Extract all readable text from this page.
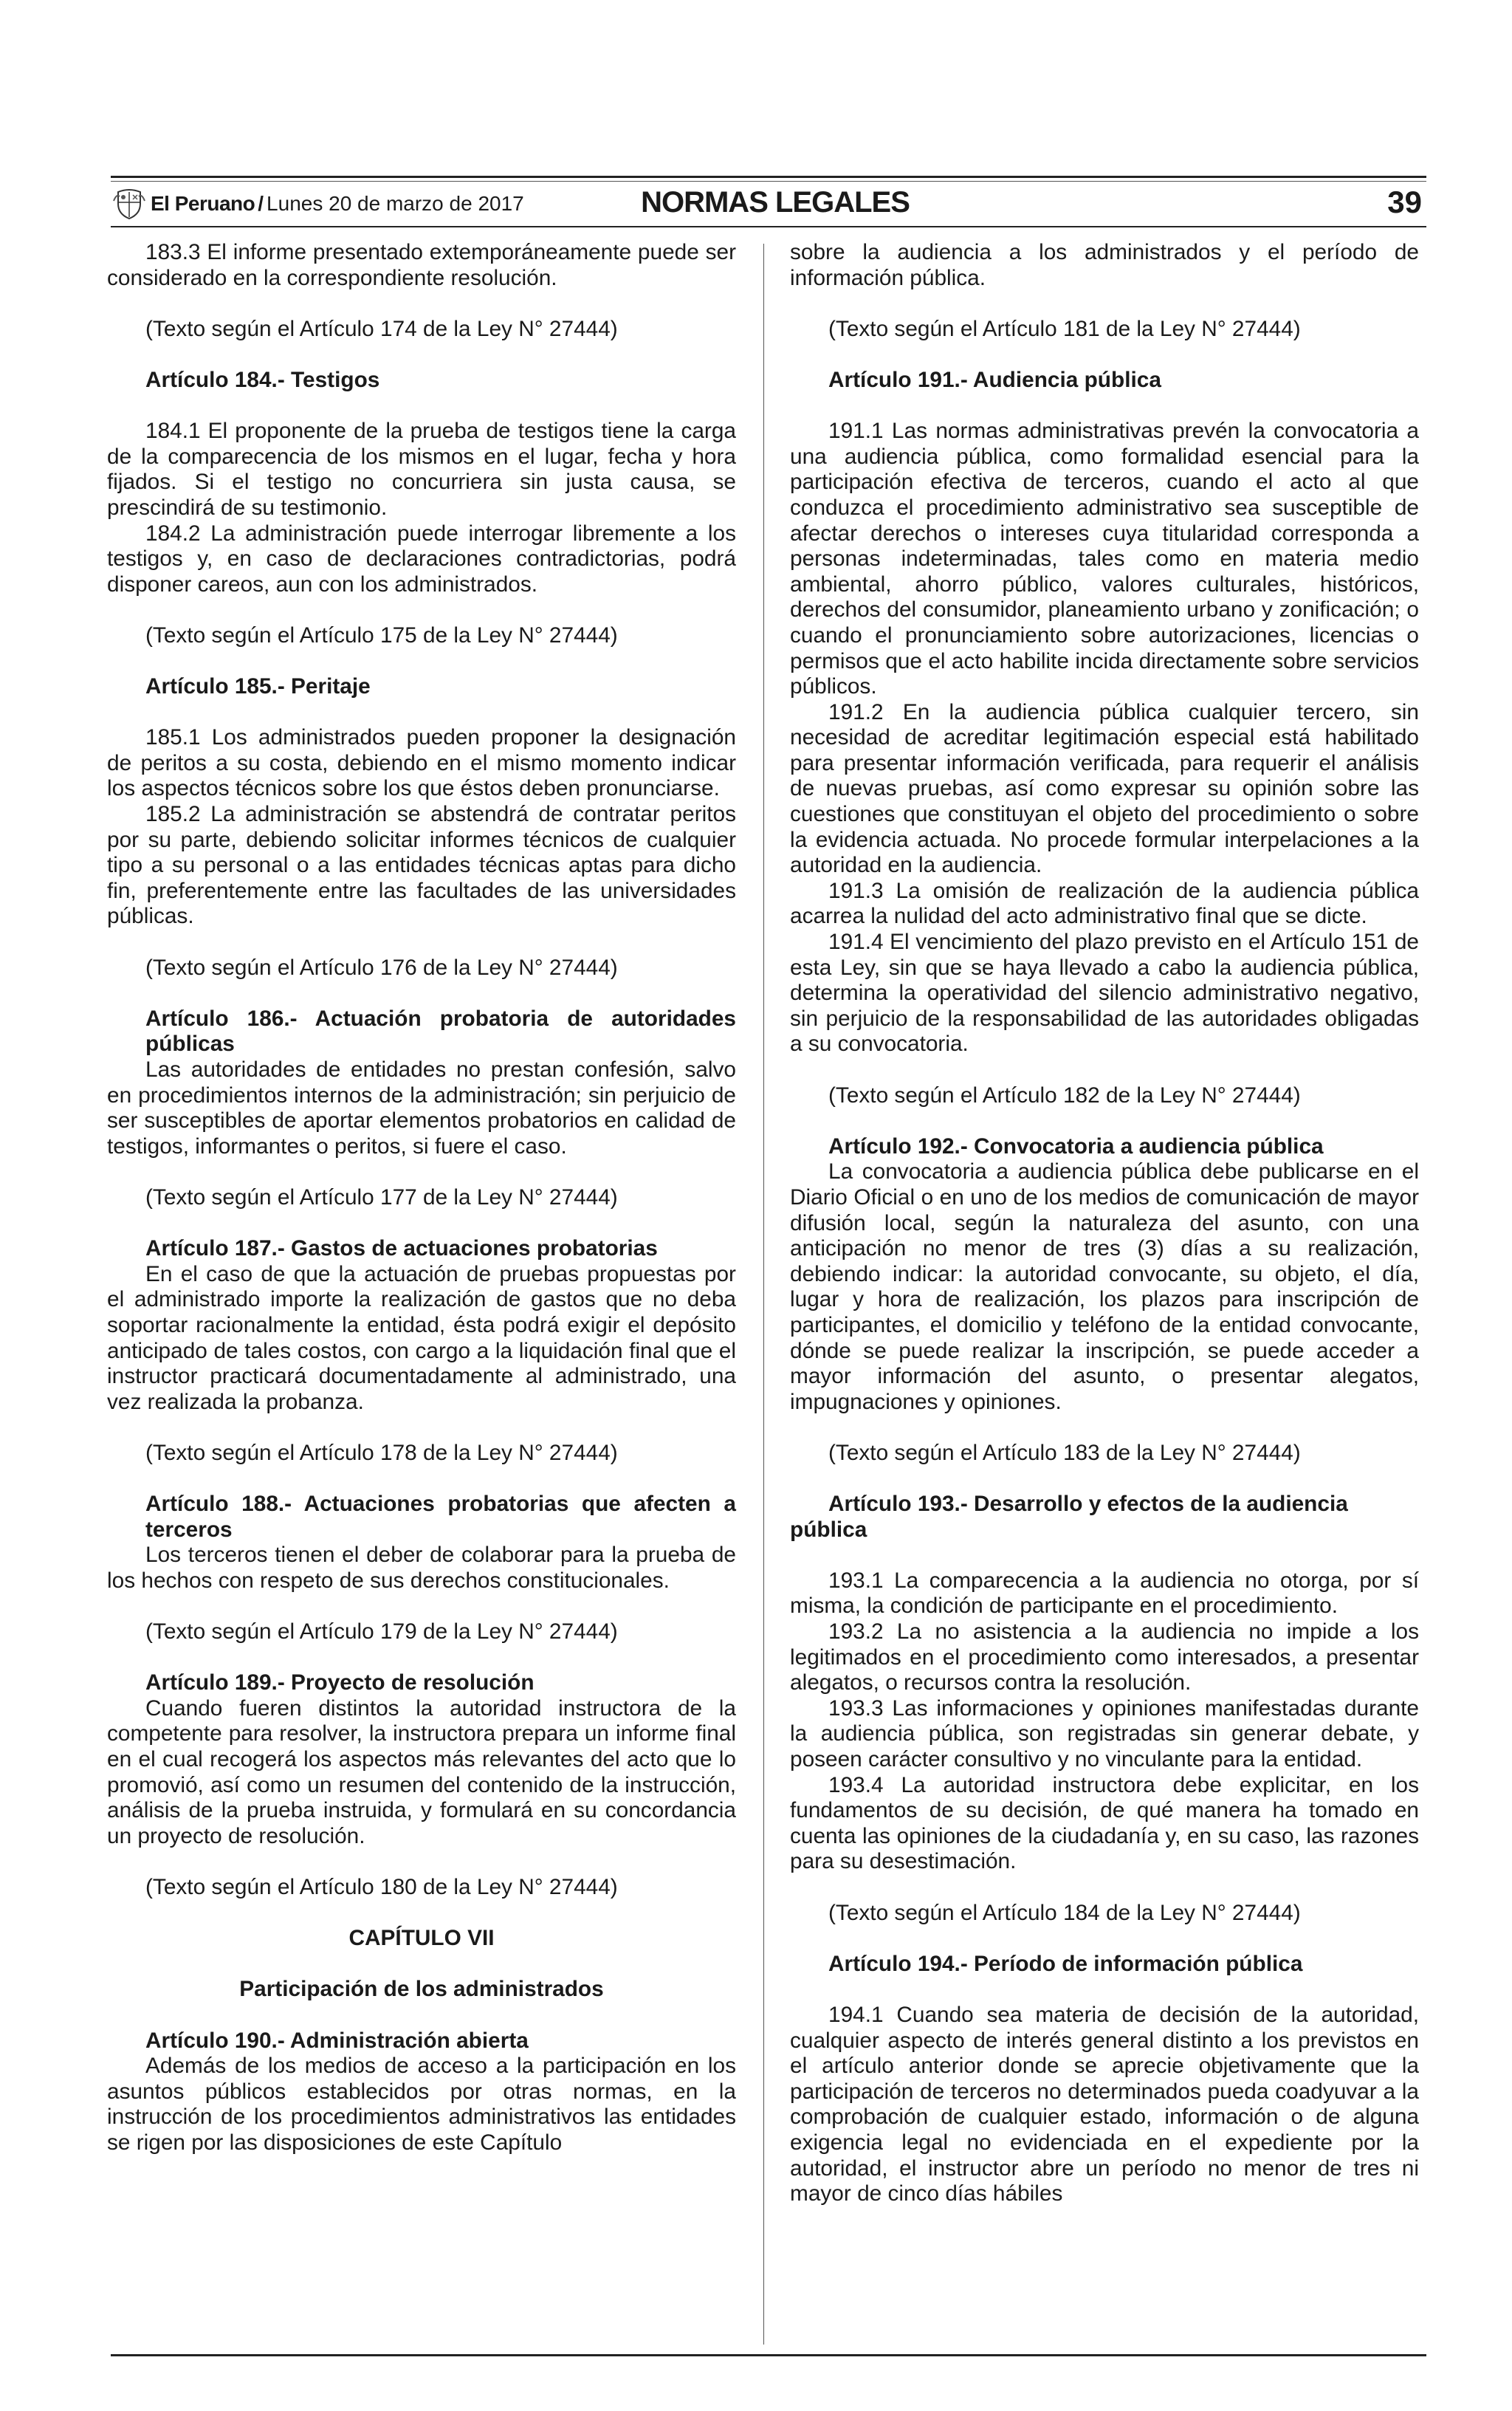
El Peruano / Lunes 20 de marzo de 2017	NORMAS LEGALES	39

183.3 El informe presentado extemporáneamente puede ser considerado en la correspondiente resolución.

(Texto según el Artículo 174 de la Ley N° 27444)

Artículo 184.- Testigos

184.1 El proponente de la prueba de testigos tiene la carga de la comparecencia de los mismos en el lugar, fecha y hora fijados. Si el testigo no concurriera sin justa causa, se prescindirá de su testimonio.

184.2 La administración puede interrogar libremente a los testigos y, en caso de declaraciones contradictorias, podrá disponer careos, aun con los administrados.

(Texto según el Artículo 175 de la Ley N° 27444)

Artículo 185.- Peritaje

185.1 Los administrados pueden proponer la designación de peritos a su costa, debiendo en el mismo momento indicar los aspectos técnicos sobre los que éstos deben pronunciarse.

185.2 La administración se abstendrá de contratar peritos por su parte, debiendo solicitar informes técnicos de cualquier tipo a su personal o a las entidades técnicas aptas para dicho fin, preferentemente entre las facultades de las universidades públicas.

(Texto según el Artículo 176 de la Ley N° 27444)

Artículo 186.- Actuación probatoria de autoridades públicas

Las autoridades de entidades no prestan confesión, salvo en procedimientos internos de la administración; sin perjuicio de ser susceptibles de aportar elementos probatorios en calidad de testigos, informantes o peritos, si fuere el caso.

(Texto según el Artículo 177 de la Ley N° 27444)

Artículo 187.- Gastos de actuaciones probatorias

En el caso de que la actuación de pruebas propuestas por el administrado importe la realización de gastos que no deba soportar racionalmente la entidad, ésta podrá exigir el depósito anticipado de tales costos, con cargo a la liquidación final que el instructor practicará documentadamente al administrado, una vez realizada la probanza.

(Texto según el Artículo 178 de la Ley N° 27444)

Artículo 188.- Actuaciones probatorias que afecten a terceros

Los terceros tienen el deber de colaborar para la prueba de los hechos con respeto de sus derechos constitucionales.

(Texto según el Artículo 179 de la Ley N° 27444)

Artículo 189.- Proyecto de resolución

Cuando fueren distintos la autoridad instructora de la competente para resolver, la instructora prepara un informe final en el cual recogerá los aspectos más relevantes del acto que lo promovió, así como un resumen del contenido de la instrucción, análisis de la prueba instruida, y formulará en su concordancia un proyecto de resolución.

(Texto según el Artículo 180 de la Ley N° 27444)

CAPÍTULO VII

Participación de los administrados

Artículo 190.- Administración abierta

Además de los medios de acceso a la participación en los asuntos públicos establecidos por otras normas, en la instrucción de los procedimientos administrativos las entidades se rigen por las disposiciones de este Capítulo

sobre la audiencia a los administrados y el período de información pública.

(Texto según el Artículo 181 de la Ley N° 27444)

Artículo 191.- Audiencia pública

191.1 Las normas administrativas prevén la convocatoria a una audiencia pública, como formalidad esencial para la participación efectiva de terceros, cuando el acto al que conduzca el procedimiento administrativo sea susceptible de afectar derechos o intereses cuya titularidad corresponda a personas indeterminadas, tales como en materia medio ambiental, ahorro público, valores culturales, históricos, derechos del consumidor, planeamiento urbano y zonificación; o cuando el pronunciamiento sobre autorizaciones, licencias o permisos que el acto habilite incida directamente sobre servicios públicos.

191.2 En la audiencia pública cualquier tercero, sin necesidad de acreditar legitimación especial está habilitado para presentar información verificada, para requerir el análisis de nuevas pruebas, así como expresar su opinión sobre las cuestiones que constituyan el objeto del procedimiento o sobre la evidencia actuada. No procede formular interpelaciones a la autoridad en la audiencia.

191.3 La omisión de realización de la audiencia pública acarrea la nulidad del acto administrativo final que se dicte.

191.4 El vencimiento del plazo previsto en el Artículo 151 de esta Ley, sin que se haya llevado a cabo la audiencia pública, determina la operatividad del silencio administrativo negativo, sin perjuicio de la responsabilidad de las autoridades obligadas a su convocatoria.

(Texto según el Artículo 182 de la Ley N° 27444)

Artículo 192.- Convocatoria a audiencia pública

La convocatoria a audiencia pública debe publicarse en el Diario Oficial o en uno de los medios de comunicación de mayor difusión local, según la naturaleza del asunto, con una anticipación no menor de tres (3) días a su realización, debiendo indicar: la autoridad convocante, su objeto, el día, lugar y hora de realización, los plazos para inscripción de participantes, el domicilio y teléfono de la entidad convocante, dónde se puede realizar la inscripción, se puede acceder a mayor información del asunto, o presentar alegatos, impugnaciones y opiniones.

(Texto según el Artículo 183 de la Ley N° 27444)

Artículo 193.- Desarrollo y efectos de la audiencia pública

193.1 La comparecencia a la audiencia no otorga, por sí misma, la condición de participante en el procedimiento.

193.2 La no asistencia a la audiencia no impide a los legitimados en el procedimiento como interesados, a presentar alegatos, o recursos contra la resolución.

193.3 Las informaciones y opiniones manifestadas durante la audiencia pública, son registradas sin generar debate, y poseen carácter consultivo y no vinculante para la entidad.

193.4 La autoridad instructora debe explicitar, en los fundamentos de su decisión, de qué manera ha tomado en cuenta las opiniones de la ciudadanía y, en su caso, las razones para su desestimación.

(Texto según el Artículo 184 de la Ley N° 27444)

Artículo 194.- Período de información pública

194.1 Cuando sea materia de decisión de la autoridad, cualquier aspecto de interés general distinto a los previstos en el artículo anterior donde se aprecie objetivamente que la participación de terceros no determinados pueda coadyuvar a la comprobación de cualquier estado, información o de alguna exigencia legal no evidenciada en el expediente por la autoridad, el instructor abre un período no menor de tres ni mayor de cinco días hábiles
